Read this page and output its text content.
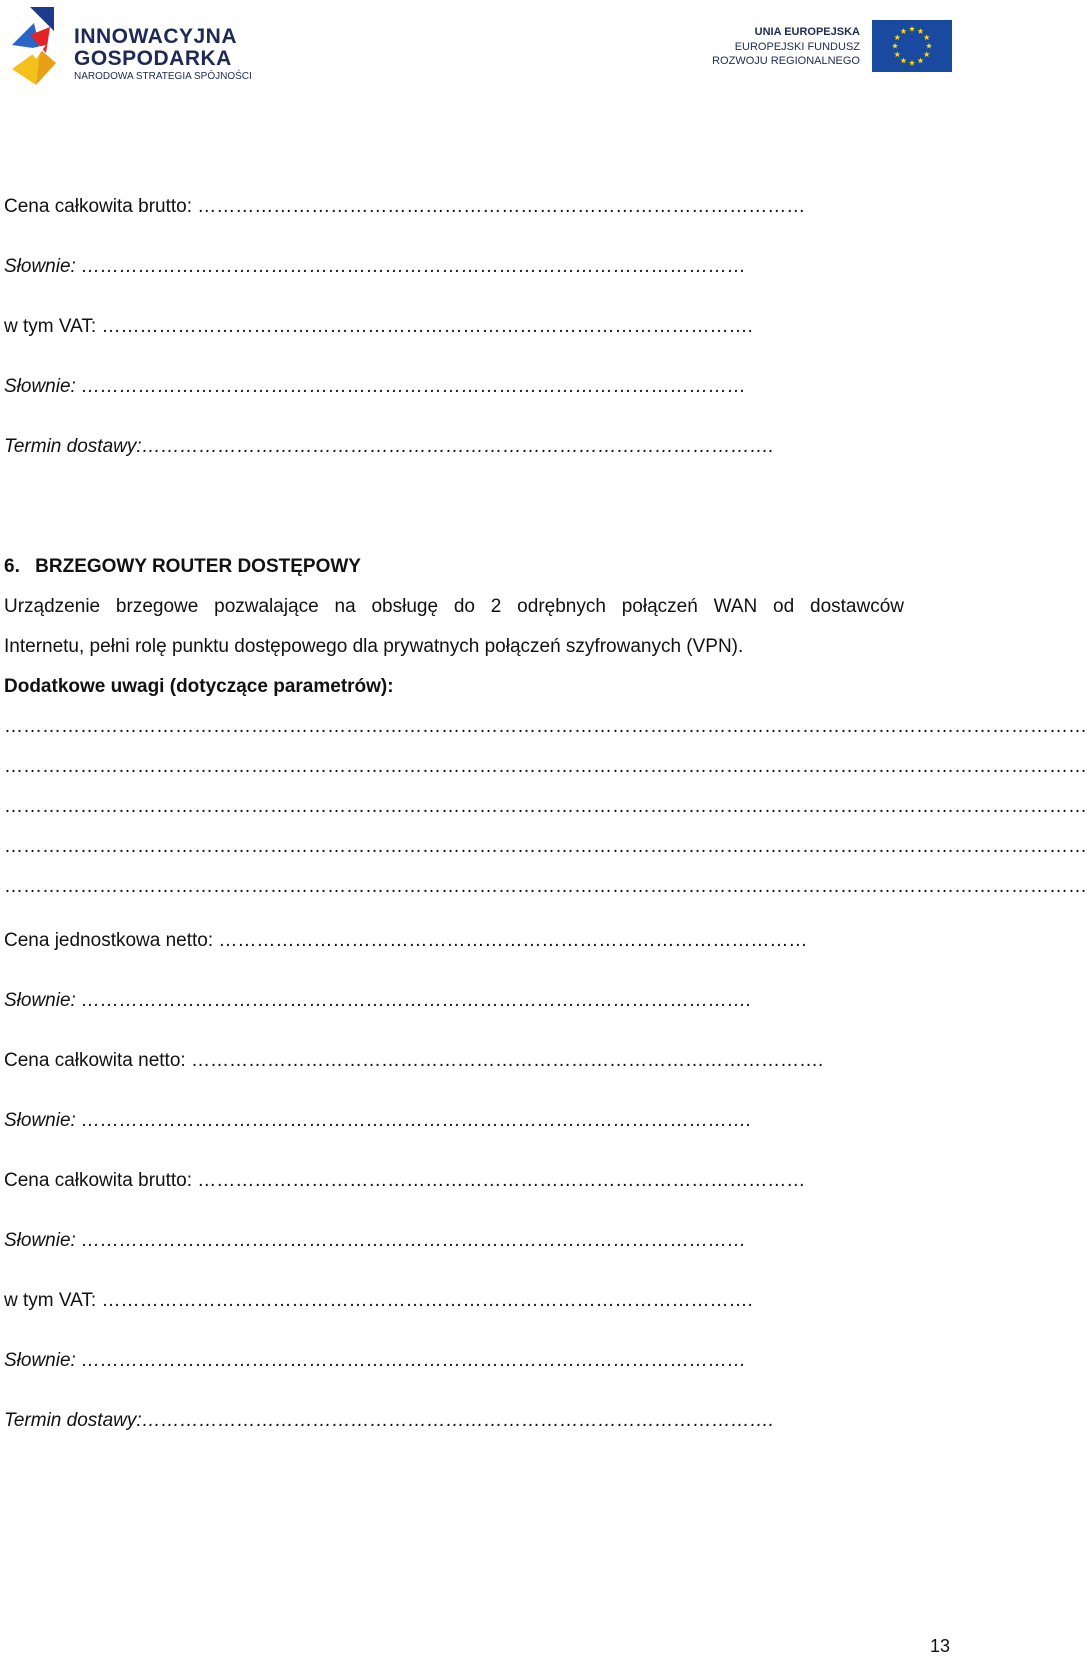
INNOWACYJNA
GOSPODARKA
NARODOWA STRATEGIA SPÓJNOŚCI
UNIA EUROPEJSKA
EUROPEJSKI FUNDUSZ
ROZWOJU REGIONALNEGO
Cena całkowita brutto: ……………………………………………………………………………………
Słownie: ……………………………………………………………………………………………
w tym VAT: ………………………………………………………………………………………….
Słownie: ……………………………………………………………………………………………
Termin dostawy:……………………………………………………………………………………….
6. BRZEGOWY ROUTER DOSTĘPOWY
Urządzenie brzegowe pozwalające na obsługę do 2 odrębnych połączeń WAN od dostawców
Internetu, pełni rolę punktu dostępowego dla prywatnych połączeń szyfrowanych (VPN).
Dodatkowe uwagi (dotyczące parametrów):
………………………………………………………………………………………………………………………………………………………
………………………………………………………………………………………………………………………………………………………
………………………………………………………………………………………………………………………………………………………
………………………………………………………………………………………………………………………………………………………
………………………………………………………………………………………………………………………………………………………
Cena jednostkowa netto: …………………………………………………………………………………
Słownie: …………………………………………………………………………………………….
Cena całkowita netto: ……………………………………………………………………………………….
Słownie: …………………………………………………………………………………………….
Cena całkowita brutto: ……………………………………………………………………………………
Słownie: ……………………………………………………………………………………………
w tym VAT: ………………………………………………………………………………………….
Słownie: ……………………………………………………………………………………………
Termin dostawy:……………………………………………………………………………………….
13
